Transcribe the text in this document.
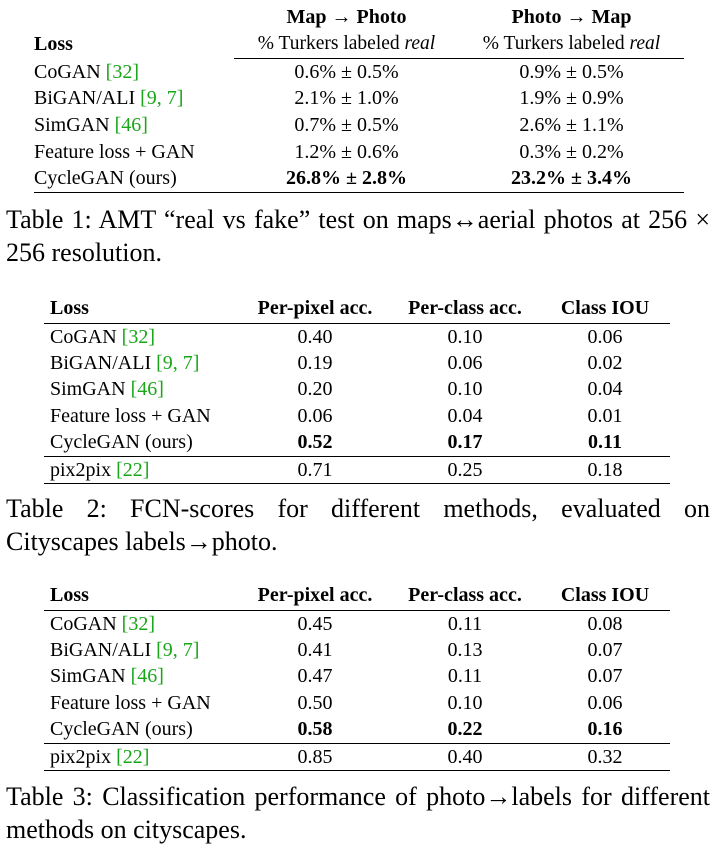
Loss	Map → Photo	Photo → Map
	% Turkers labeled real	% Turkers labeled real
CoGAN [32]	0.6% ± 0.5%	0.9% ± 0.5%
BiGAN/ALI [9, 7]	2.1% ± 1.0%	1.9% ± 0.9%
SimGAN [46]	0.7% ± 0.5%	2.6% ± 1.1%
Feature loss + GAN	1.2% ± 0.6%	0.3% ± 0.2%
CycleGAN (ours)	26.8% ± 2.8%	23.2% ± 3.4%
Table 1: AMT “real vs fake” test on maps↔aerial photos at 256 × 256 resolution.
Loss	Per-pixel acc.	Per-class acc.	Class IOU
CoGAN [32]	0.40	0.10	0.06
BiGAN/ALI [9, 7]	0.19	0.06	0.02
SimGAN [46]	0.20	0.10	0.04
Feature loss + GAN	0.06	0.04	0.01
CycleGAN (ours)	0.52	0.17	0.11
pix2pix [22]	0.71	0.25	0.18
Table 2: FCN-scores for different methods, evaluated on Cityscapes labels→photo.
Loss	Per-pixel acc.	Per-class acc.	Class IOU
CoGAN [32]	0.45	0.11	0.08
BiGAN/ALI [9, 7]	0.41	0.13	0.07
SimGAN [46]	0.47	0.11	0.07
Feature loss + GAN	0.50	0.10	0.06
CycleGAN (ours)	0.58	0.22	0.16
pix2pix [22]	0.85	0.40	0.32
Table 3: Classification performance of photo→labels for different methods on cityscapes.
